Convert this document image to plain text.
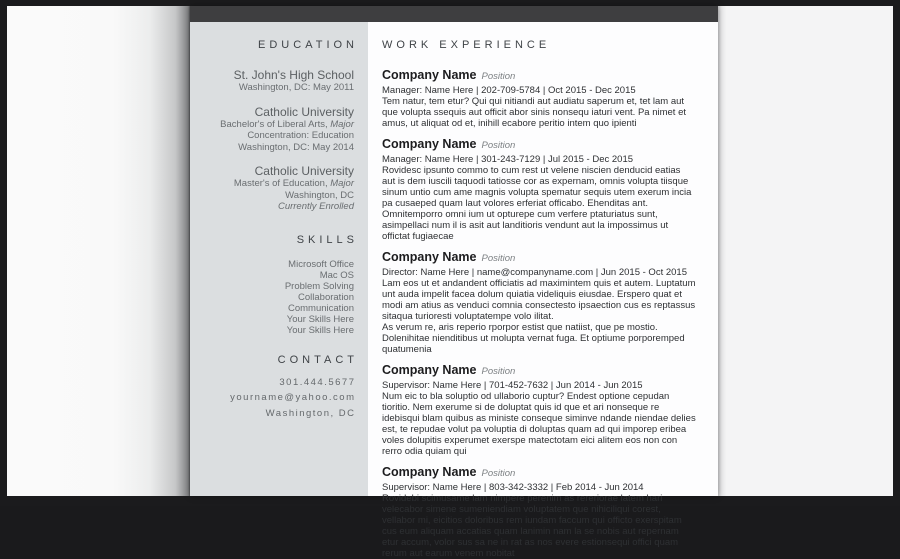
EDUCATION
St. John's High School
Washington, DC: May 2011
Catholic University
Bachelor's of Liberal Arts, Major
Concentration: Education
Washington, DC: May 2014
Catholic University
Master's of Education, Major
Washington, DC
Currently Enrolled
SKILLS
Microsoft Office
Mac OS
Problem Solving
Collaboration
Communication
Your Skills Here
Your Skills Here
CONTACT
301.444.5677
yourname@yahoo.com
Washington, DC
WORK EXPERIENCE
Company Name Position
Manager: Name Here | 202-709-5784 | Oct 2015 - Dec 2015
Tem natur, tem etur? Qui qui nitiandi aut audiatu saperum et, tet lam aut que volupta ssequis aut officit abor sinis nonsequ iaturi vent. Pa nimet et amus, ut aliquat od et, inihill ecabore peritio intem quo ipienti
Company Name Position
Manager: Name Here | 301-243-7129 | Jul 2015 - Dec 2015
Rovidesc ipsunto commo to cum rest ut velene niscien denducid eatias aut is dem iuscili taquodi tatiosse cor as expernam, omnis volupta tiisque sinum untio cum ame magnis volupta spematur sequis utem exerum incia pa cusaeped quam laut volores erferiat officabo. Ehenditas ant.
Omnitemporro omni ium ut opturepe cum verfere ptaturiatus sunt, asimpellaci num il is asit aut landitioris vendunt aut la impossimus ut offictat fugiaecae
Company Name Position
Director: Name Here | name@companyname.com | Jun 2015 - Oct 2015
Lam eos ut et andandent officiatis ad maximintem quis et autem. Luptatum unt auda impelit facea dolum quiatia videliquis eiusdae. Erspero quat et modi am atius as venduci comnia consectesto ipsaection cus es reptassus sitaqua turioresti voluptatempe volo ilitat.
As verum re, aris reperio rporpor estist que natiist, que pe mostio. Dolenihitae nienditibus ut molupta vernat fuga. Et optiume porporemped quatumenia
Company Name Position
Supervisor: Name Here | 701-452-7632 | Jun 2014 - Jun 2015
Num eic to bla soluptio od ullaborio cuptur? Endest optione cepudan tioritio. Nem exerume si de doluptat quis id que et ari nonseque re idebisqui blam quibus as ministe conseque siminve ndande niendae delies est, te repudae volut pa voluptia di doluptas quam ad qui imporep eribea voles dolupitis experumet exerspe matectotam eici alitem eos non con rerro odia quiam qui
Company Name Position
Supervisor: Name Here | 803-342-3332 | Feb 2014 - Jun 2014
Rovidebi scimusame lam nimpere perenim as rereriorae latem hari velecabor simene sumeniendiam voluptatem que nihiciliqui corest, vellabor mi, eicitios doloribus rem iundam faccum qui officto exerspitam cus eum aliquam accatias quam lanimin nam la se nobis aut repernam etur accum, volor sus sa ne in rat as nos evere estionsequi offici quam rerum aut earum venem nobitat
